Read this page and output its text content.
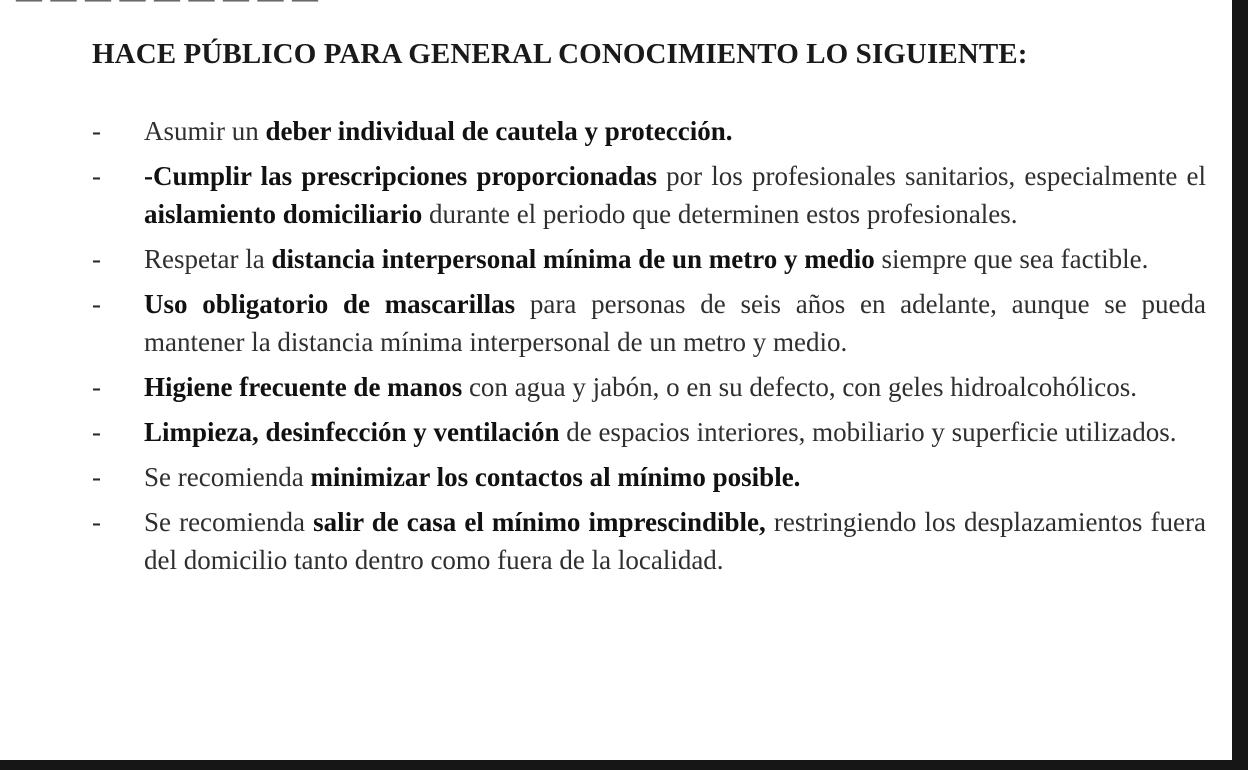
HACE PÚBLICO PARA GENERAL CONOCIMIENTO LO SIGUIENTE:
- Asumir un deber individual de cautela y protección.
- -Cumplir las prescripciones proporcionadas por los profesionales sanitarios, especialmente el aislamiento domiciliario durante el periodo que determinen estos profesionales.
- Respetar la distancia interpersonal mínima de un metro y medio siempre que sea factible.
- Uso obligatorio de mascarillas para personas de seis años en adelante, aunque se pueda mantener la distancia mínima interpersonal de un metro y medio.
- Higiene frecuente de manos con agua y jabón, o en su defecto, con geles hidroalcohólicos.
- Limpieza, desinfección y ventilación de espacios interiores, mobiliario y superficie utilizados.
- Se recomienda minimizar los contactos al mínimo posible.
- Se recomienda salir de casa el mínimo imprescindible, restringiendo los desplazamientos fuera del domicilio tanto dentro como fuera de la localidad.
